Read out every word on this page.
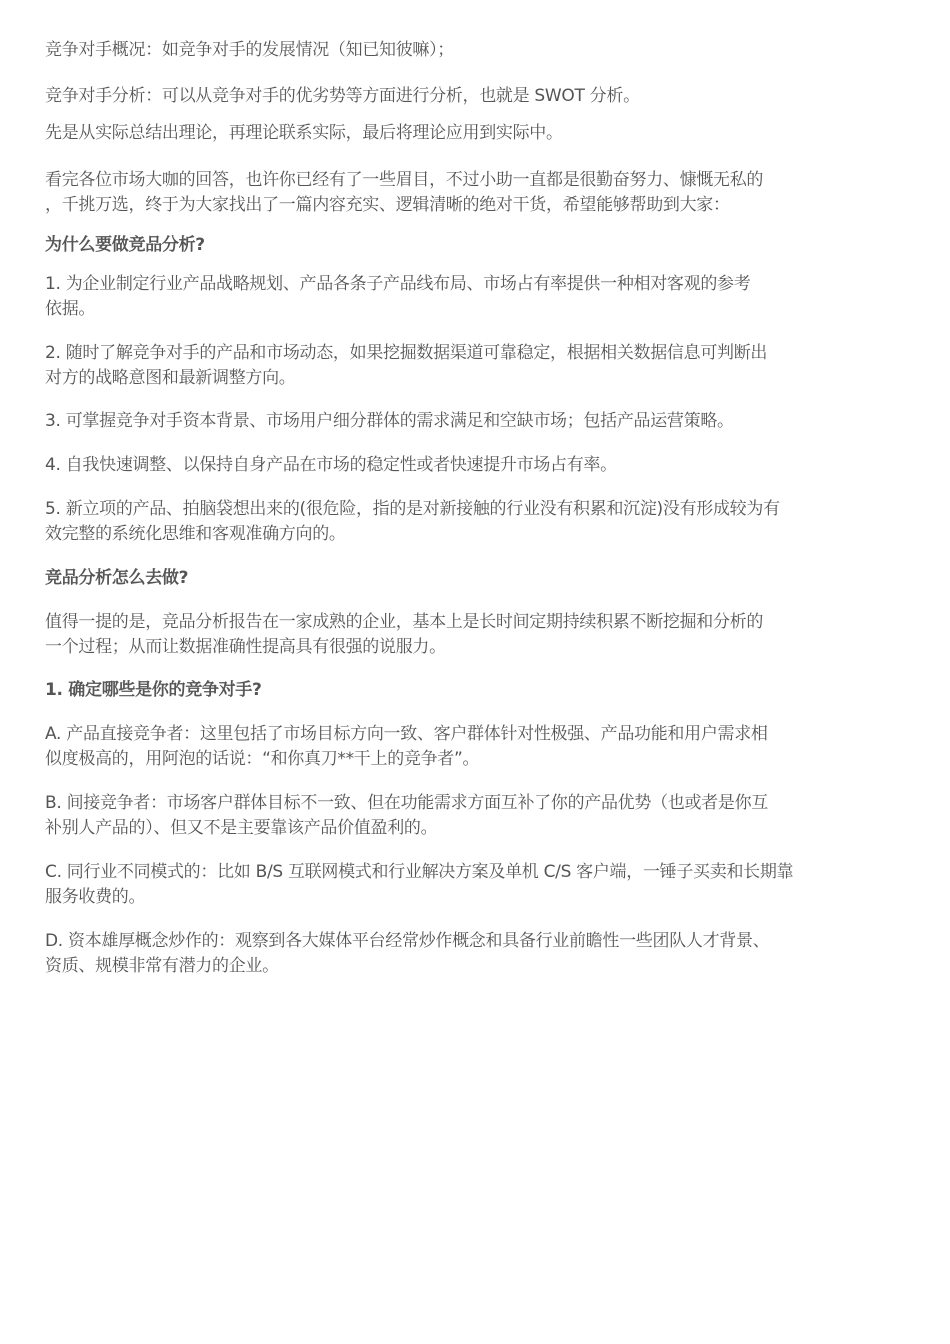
竞争对手概况：如竞争对手的发展情况（知已知彼嘛）；

竞争对手分析：可以从竞争对手的优劣势等方面进行分析，也就是 SWOT 分析。

先是从实际总结出理论，再理论联系实际，最后将理论应用到实际中。

看完各位市场大咖的回答，也许你已经有了一些眉目，不过小助一直都是很勤奋努力、慷慨无私的
，千挑万选，终于为大家找出了一篇内容充实、逻辑清晰的绝对干货，希望能够帮助到大家：

为什么要做竞品分析?

1. 为企业制定行业产品战略规划、产品各条子产品线布局、市场占有率提供一种相对客观的参考
依据。

2. 随时了解竞争对手的产品和市场动态，如果挖掘数据渠道可靠稳定，根据相关数据信息可判断出
对方的战略意图和最新调整方向。

3. 可掌握竞争对手资本背景、市场用户细分群体的需求满足和空缺市场；包括产品运营策略。

4. 自我快速调整、以保持自身产品在市场的稳定性或者快速提升市场占有率。

5. 新立项的产品、拍脑袋想出来的(很危险，指的是对新接触的行业没有积累和沉淀)没有形成较为有
效完整的系统化思维和客观准确方向的。

竞品分析怎么去做?

值得一提的是，竞品分析报告在一家成熟的企业，基本上是长时间定期持续积累不断挖掘和分析的
一个过程；从而让数据准确性提高具有很强的说服力。

1. 确定哪些是你的竞争对手?

A. 产品直接竞争者：这里包括了市场目标方向一致、客户群体针对性极强、产品功能和用户需求相
似度极高的，用阿泡的话说：“和你真刀**干上的竞争者”。

B. 间接竞争者：市场客户群体目标不一致、但在功能需求方面互补了你的产品优势（也或者是你互
补别人产品的）、但又不是主要靠该产品价值盈利的。

C. 同行业不同模式的：比如 B/S 互联网模式和行业解决方案及单机 C/S 客户端，一锤子买卖和长期靠
服务收费的。

D. 资本雄厚概念炒作的：观察到各大媒体平台经常炒作概念和具备行业前瞻性一些团队人才背景、
资质、规模非常有潜力的企业。
